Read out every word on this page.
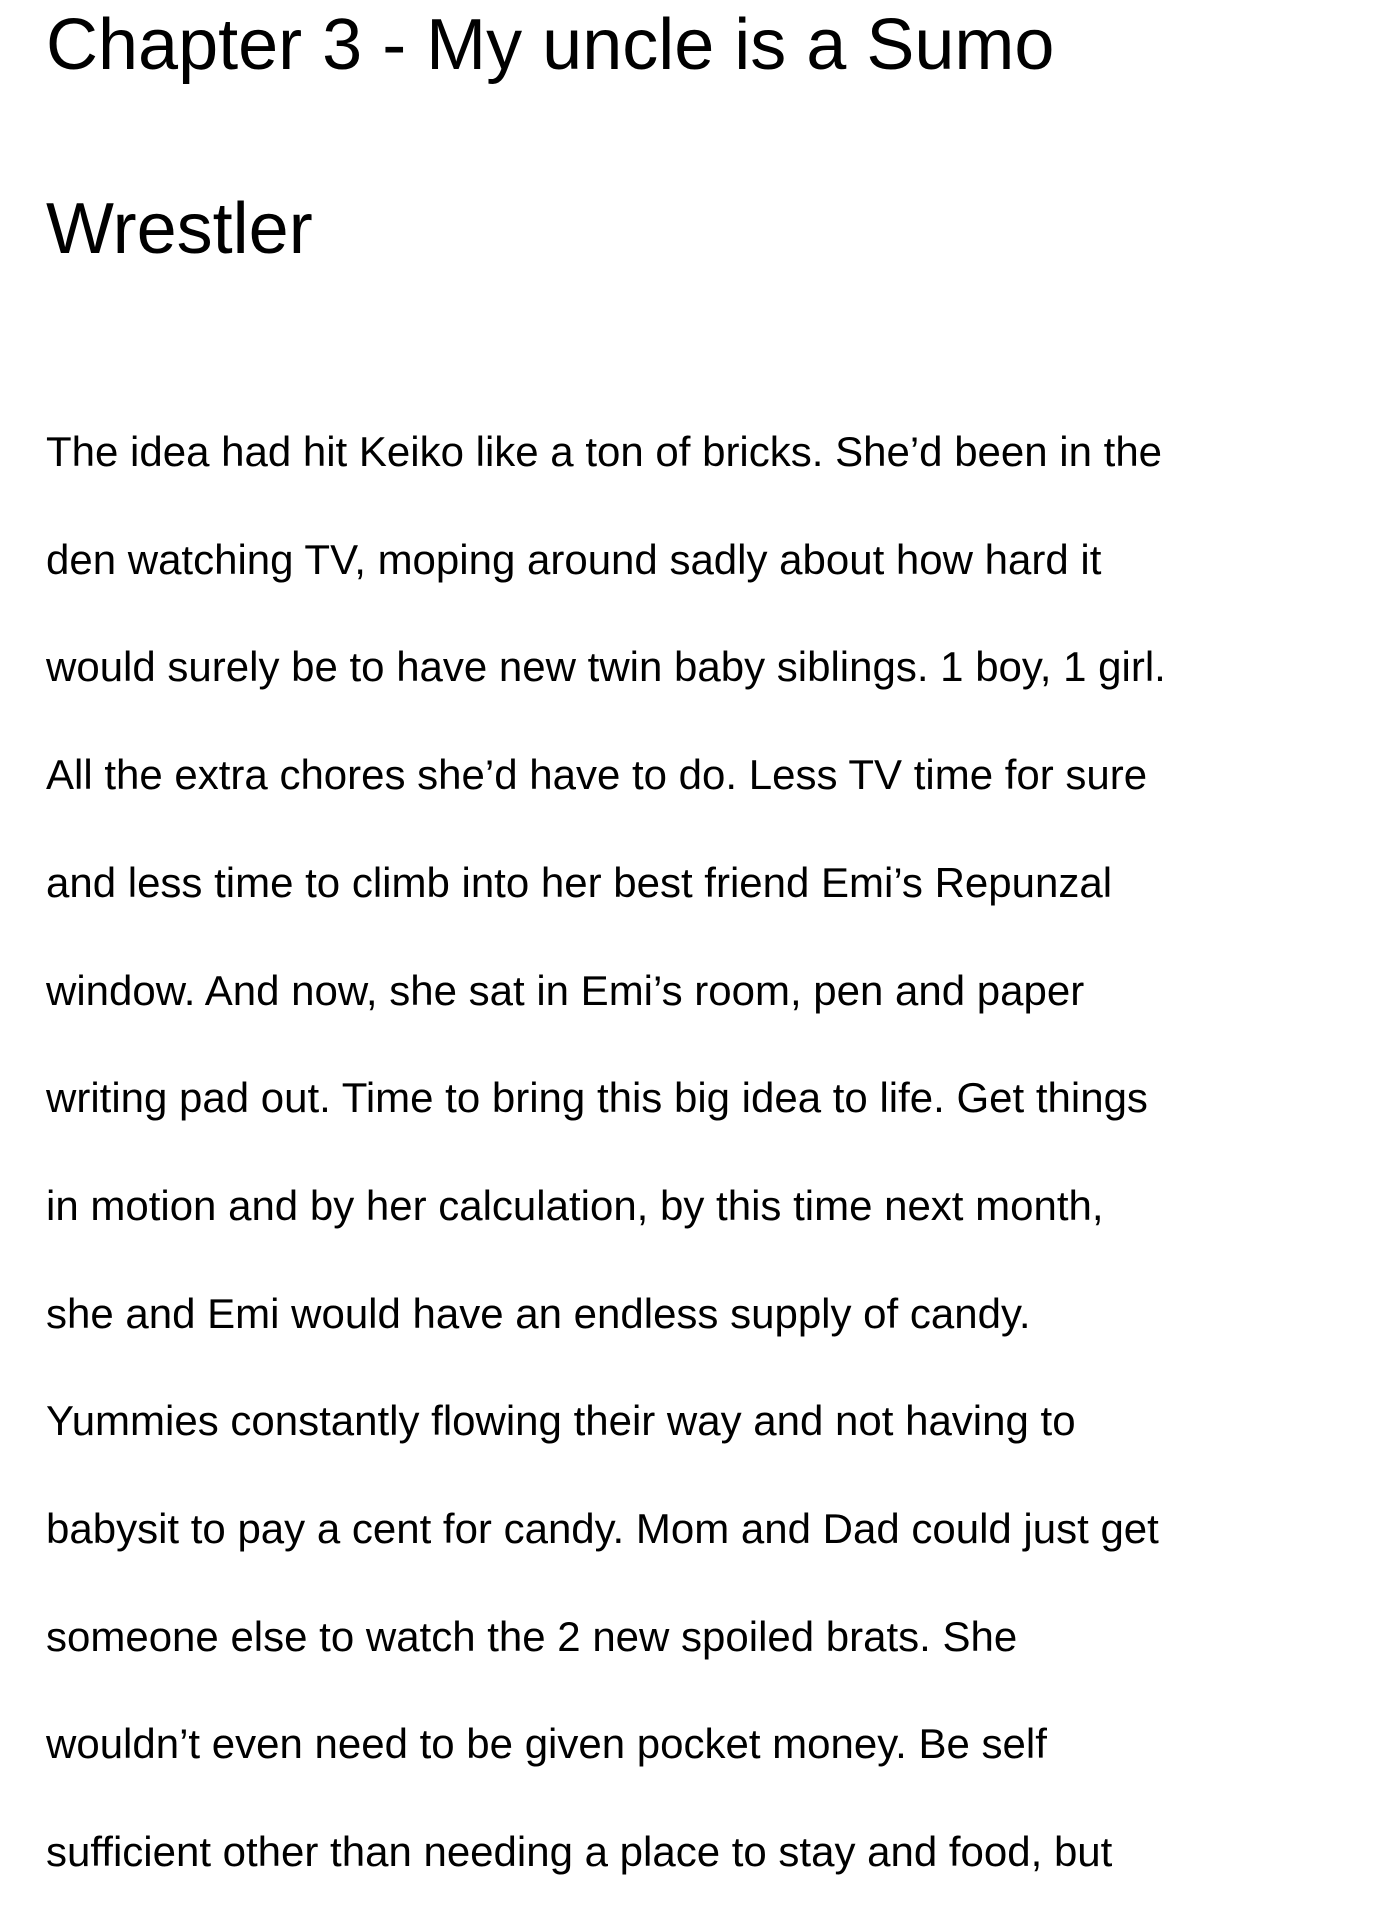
Chapter 3 - My uncle is a Sumo
Wrestler
The idea had hit Keiko like a ton of bricks. She’d been in the
den watching TV, moping around sadly about how hard it
would surely be to have new twin baby siblings. 1 boy, 1 girl.
All the extra chores she’d have to do. Less TV time for sure
and less time to climb into her best friend Emi’s Repunzal
window. And now, she sat in Emi’s room, pen and paper
writing pad out. Time to bring this big idea to life. Get things
in motion and by her calculation, by this time next month,
she and Emi would have an endless supply of candy.
Yummies constantly flowing their way and not having to
babysit to pay a cent for candy. Mom and Dad could just get
someone else to watch the 2 new spoiled brats. She
wouldn’t even need to be given pocket money. Be self
sufficient other than needing a place to stay and food, but
